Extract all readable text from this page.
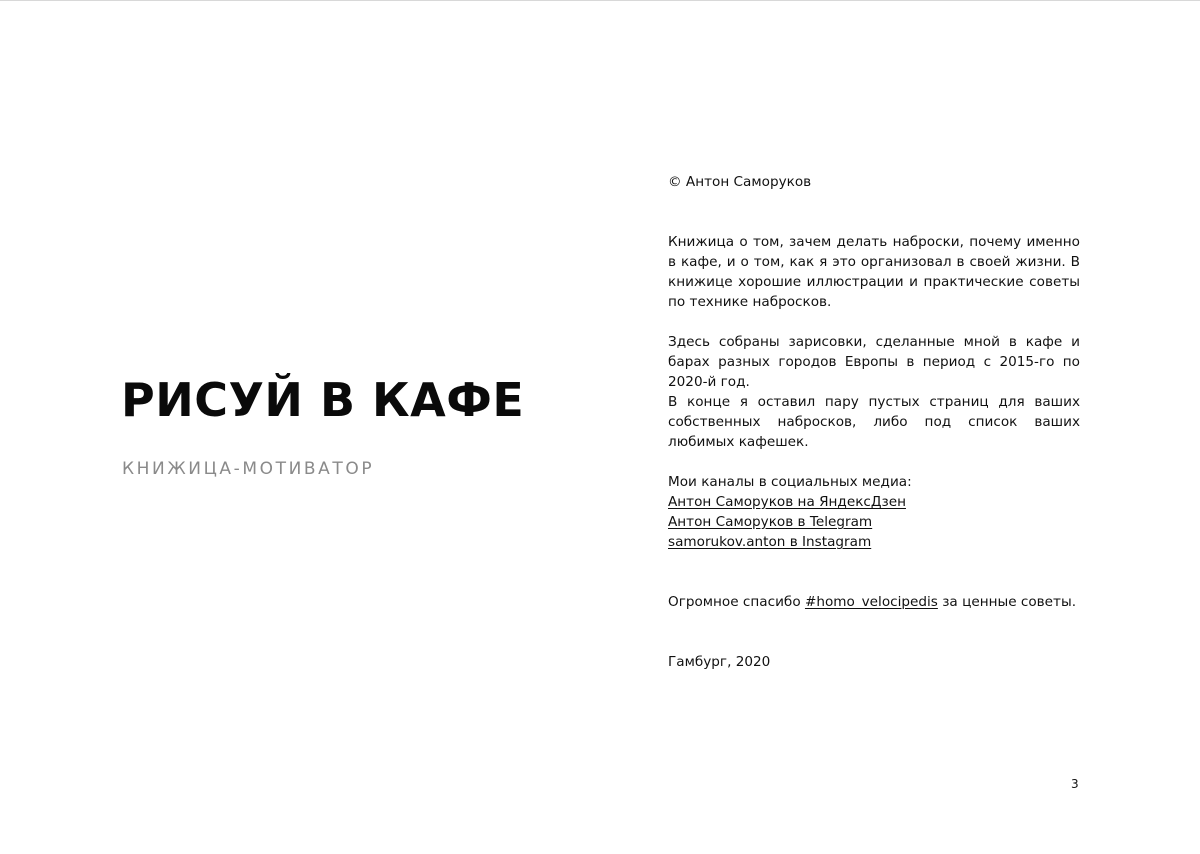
РИСУЙ В КАФЕ

КНИЖИЦА-МОТИВАТОР

© Антон Саморуков

Книжица о том, зачем делать наброски, почему именно в кафе, и о том, как я это организовал в своей жизни. В книжице хорошие иллюстрации и практические советы по технике набросков.

Здесь собраны зарисовки, сделанные мной в кафе и барах разных городов Европы в период с 2015-го по 2020-й год.

В конце я оставил пару пустых страниц для ваших собственных набросков, либо под список ваших любимых кафешек.

Мои каналы в социальных медиа:
Антон Саморуков на ЯндексДзен
Антон Саморуков в Telegram
samorukov.anton в Instagram

Огромное спасибо #homo_velocipedis за ценные советы.

Гамбург, 2020

3
